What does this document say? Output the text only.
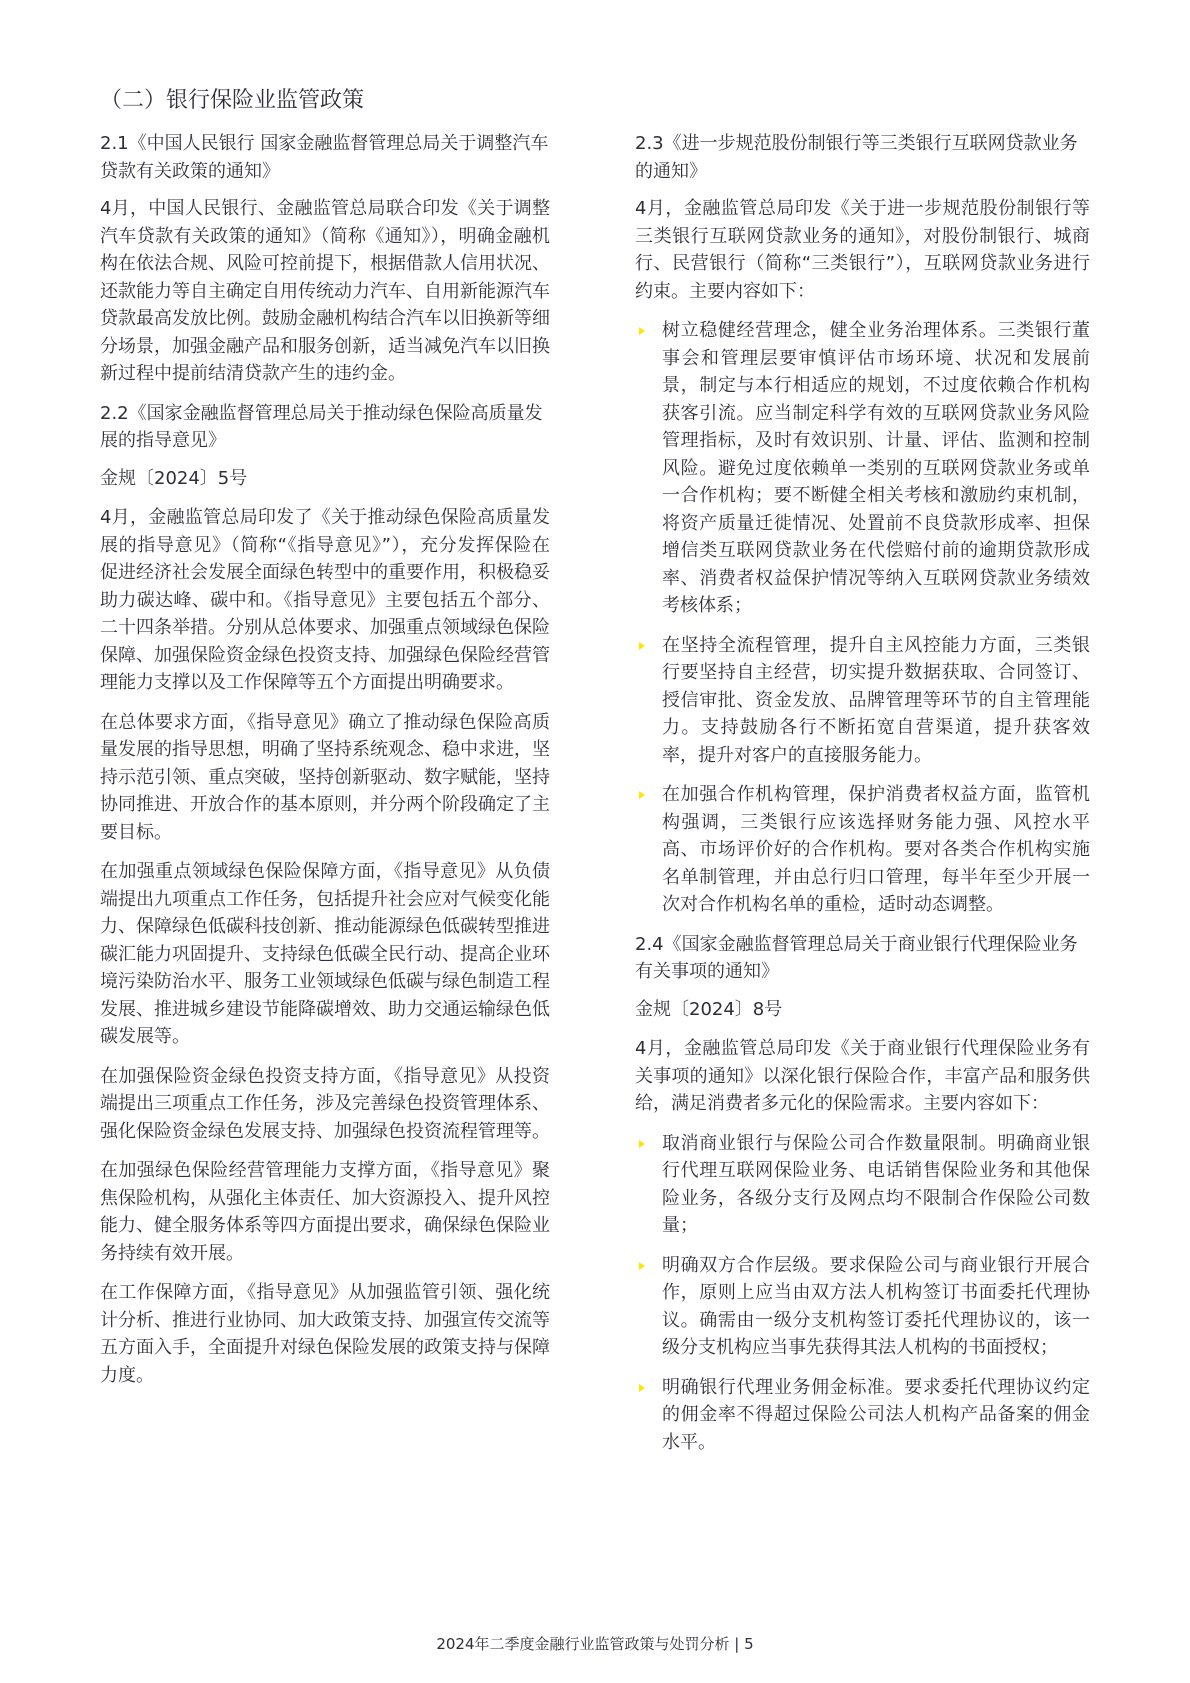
（二）银行保险业监管政策

2.1《中国人民银行 国家金融监督管理总局关于调整汽车贷款有关政策的通知》

4月，中国人民银行、金融监管总局联合印发《关于调整汽车贷款有关政策的通知》（简称《通知》），明确金融机构在依法合规、风险可控前提下，根据借款人信用状况、还款能力等自主确定自用传统动力汽车、自用新能源汽车贷款最高发放比例。鼓励金融机构结合汽车以旧换新等细分场景，加强金融产品和服务创新，适当减免汽车以旧换新过程中提前结清贷款产生的违约金。

2.2《国家金融监督管理总局关于推动绿色保险高质量发展的指导意见》

金规〔2024〕5号

4月，金融监管总局印发了《关于推动绿色保险高质量发展的指导意见》（简称“《指导意见》”），充分发挥保险在促进经济社会发展全面绿色转型中的重要作用，积极稳妥助力碳达峰、碳中和。《指导意见》主要包括五个部分、二十四条举措。分别从总体要求、加强重点领域绿色保险保障、加强保险资金绿色投资支持、加强绿色保险经营管理能力支撑以及工作保障等五个方面提出明确要求。

在总体要求方面，《指导意见》确立了推动绿色保险高质量发展的指导思想，明确了坚持系统观念、稳中求进，坚持示范引领、重点突破，坚持创新驱动、数字赋能，坚持协同推进、开放合作的基本原则，并分两个阶段确定了主要目标。

在加强重点领域绿色保险保障方面，《指导意见》从负债端提出九项重点工作任务，包括提升社会应对气候变化能力、保障绿色低碳科技创新、推动能源绿色低碳转型推进碳汇能力巩固提升、支持绿色低碳全民行动、提高企业环境污染防治水平、服务工业领域绿色低碳与绿色制造工程发展、推进城乡建设节能降碳增效、助力交通运输绿色低碳发展等。

在加强保险资金绿色投资支持方面，《指导意见》从投资端提出三项重点工作任务，涉及完善绿色投资管理体系、强化保险资金绿色发展支持、加强绿色投资流程管理等。

在加强绿色保险经营管理能力支撑方面，《指导意见》聚焦保险机构，从强化主体责任、加大资源投入、提升风控能力、健全服务体系等四方面提出要求，确保绿色保险业务持续有效开展。

在工作保障方面，《指导意见》从加强监管引领、强化统计分析、推进行业协同、加大政策支持、加强宣传交流等五方面入手，全面提升对绿色保险发展的政策支持与保障力度。

2.3《进一步规范股份制银行等三类银行互联网贷款业务的通知》

4月，金融监管总局印发《关于进一步规范股份制银行等三类银行互联网贷款业务的通知》，对股份制银行、城商行、民营银行（简称“三类银行”），互联网贷款业务进行约束。主要内容如下：

树立稳健经营理念，健全业务治理体系。三类银行董事会和管理层要审慎评估市场环境、状况和发展前景，制定与本行相适应的规划，不过度依赖合作机构获客引流。应当制定科学有效的互联网贷款业务风险管理指标，及时有效识别、计量、评估、监测和控制风险。避免过度依赖单一类别的互联网贷款业务或单一合作机构；要不断健全相关考核和激励约束机制，将资产质量迁徙情况、处置前不良贷款形成率、担保增信类互联网贷款业务在代偿赔付前的逾期贷款形成率、消费者权益保护情况等纳入互联网贷款业务绩效考核体系；
在坚持全流程管理，提升自主风控能力方面，三类银行要坚持自主经营，切实提升数据获取、合同签订、授信审批、资金发放、品牌管理等环节的自主管理能力。支持鼓励各行不断拓宽自营渠道，提升获客效率，提升对客户的直接服务能力。
在加强合作机构管理，保护消费者权益方面，监管机构强调，三类银行应该选择财务能力强、风控水平高、市场评价好的合作机构。要对各类合作机构实施名单制管理，并由总行归口管理，每半年至少开展一次对合作机构名单的重检，适时动态调整。

2.4《国家金融监督管理总局关于商业银行代理保险业务有关事项的通知》

金规〔2024〕8号

4月，金融监管总局印发《关于商业银行代理保险业务有关事项的通知》以深化银行保险合作，丰富产品和服务供给，满足消费者多元化的保险需求。主要内容如下：

取消商业银行与保险公司合作数量限制。明确商业银行代理互联网保险业务、电话销售保险业务和其他保险业务，各级分支行及网点均不限制合作保险公司数量；
明确双方合作层级。要求保险公司与商业银行开展合作，原则上应当由双方法人机构签订书面委托代理协议。确需由一级分支机构签订委托代理协议的，该一级分支机构应当事先获得其法人机构的书面授权；
明确银行代理业务佣金标准。要求委托代理协议约定的佣金率不得超过保险公司法人机构产品备案的佣金水平。
2024年二季度金融行业监管政策与处罚分析 | 5
